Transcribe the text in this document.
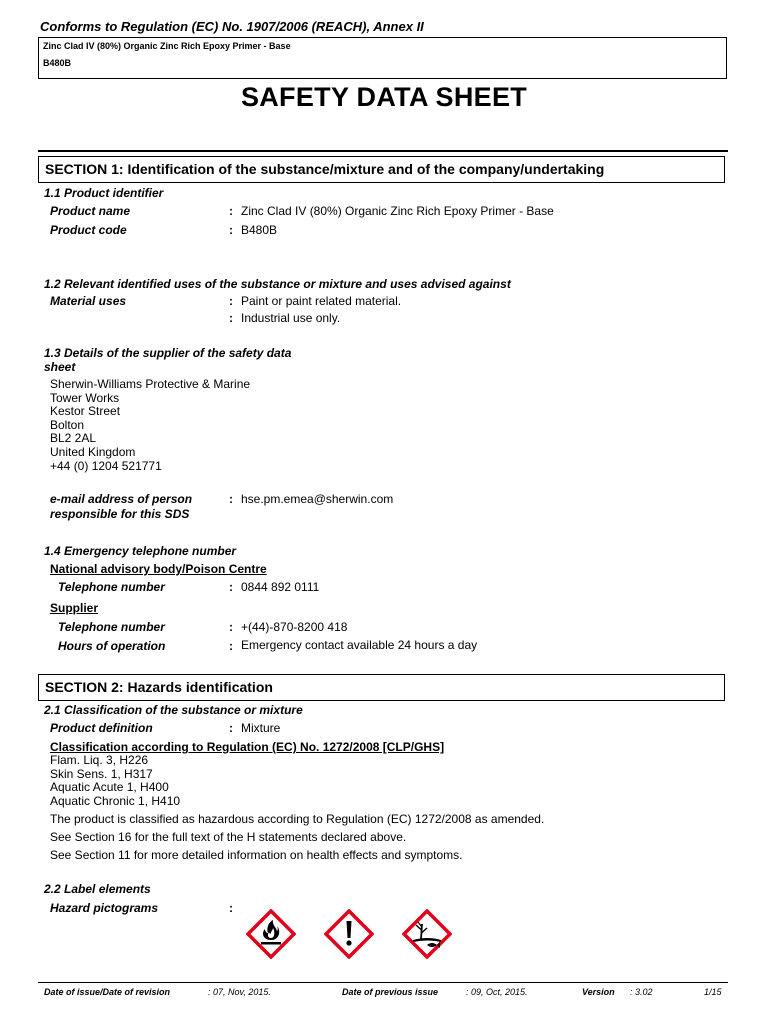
Conforms to Regulation (EC) No. 1907/2006 (REACH), Annex II
Zinc Clad IV (80%) Organic Zinc Rich Epoxy Primer - Base
B480B
SAFETY DATA SHEET
SECTION 1: Identification of the substance/mixture and of the company/undertaking
1.1 Product identifier
Product name	: Zinc Clad IV (80%) Organic Zinc Rich Epoxy Primer - Base
Product code	: B480B
1.2 Relevant identified uses of the substance or mixture and uses advised against
Material uses	: Paint or paint related material.
: Industrial use only.
1.3 Details of the supplier of the safety data
sheet
Sherwin-Williams Protective & Marine
Tower Works
Kestor Street
Bolton
BL2 2AL
United Kingdom
+44 (0) 1204 521771
e-mail address of person
responsible for this SDS
: hse.pm.emea@sherwin.com
1.4 Emergency telephone number
National advisory body/Poison Centre
Telephone number	: 0844 892 0111
Supplier
Telephone number	: +(44)-870-8200 418
Hours of operation	: Emergency contact available 24 hours a day
SECTION 2: Hazards identification
2.1 Classification of the substance or mixture
Product definition	: Mixture
Classification according to Regulation (EC) No. 1272/2008 [CLP/GHS]
Flam. Liq. 3, H226
Skin Sens. 1, H317
Aquatic Acute 1, H400
Aquatic Chronic 1, H410
The product is classified as hazardous according to Regulation (EC) 1272/2008 as amended.
See Section 16 for the full text of the H statements declared above.
See Section 11 for more detailed information on health effects and symptoms.
2.2 Label elements
Hazard pictograms	:
Date of issue/Date of revision	: 07, Nov, 2015.	Date of previous issue	: 09, Oct, 2015.	Version : 3.02	1/15
